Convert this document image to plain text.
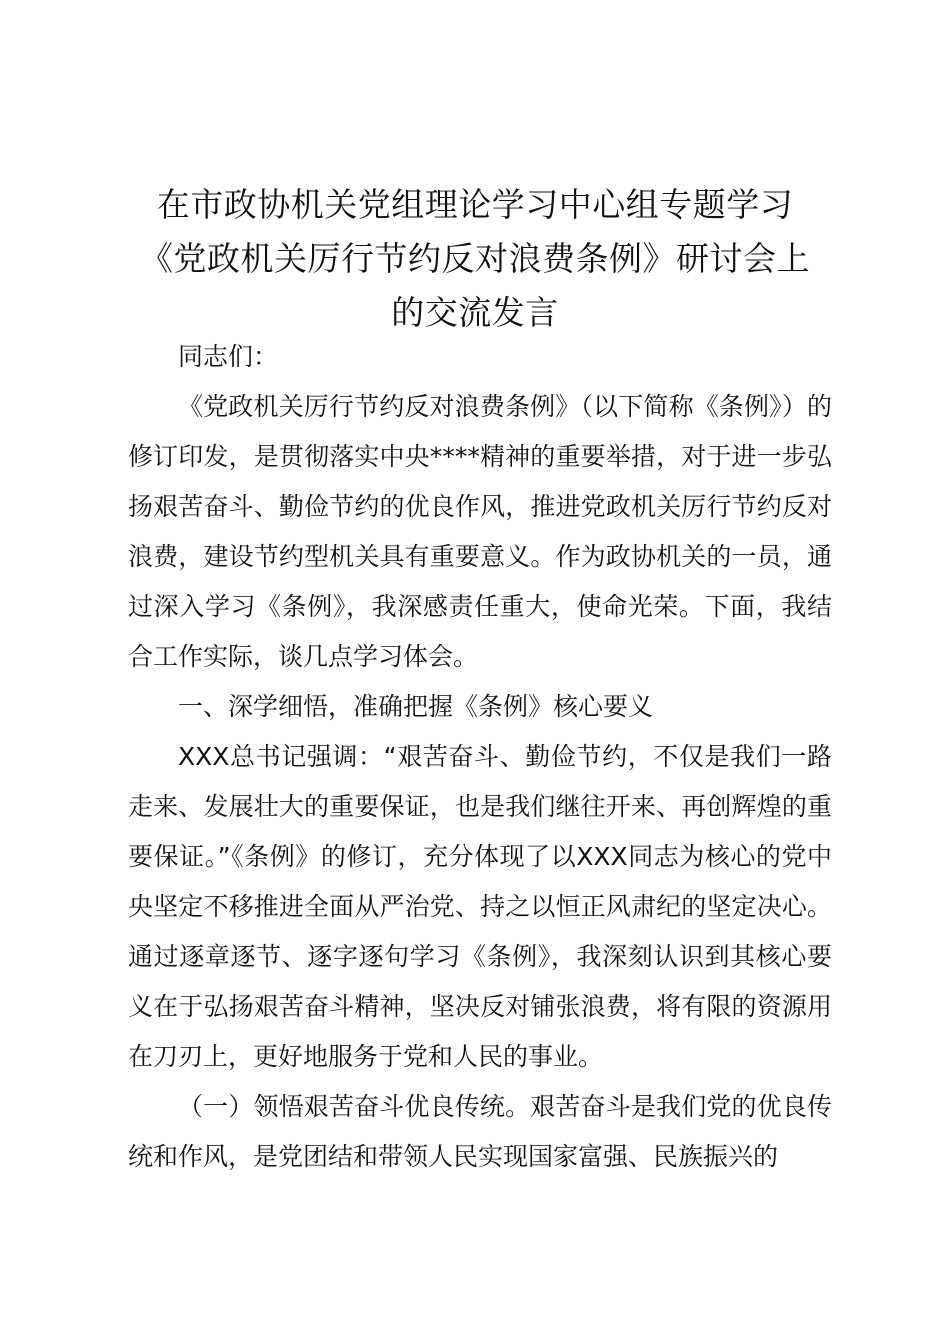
在市政协机关党组理论学习中心组专题学习
《党政机关厉行节约反对浪费条例》研讨会上
的交流发言

同志们：

《党政机关厉行节约反对浪费条例》（以下简称《条例》）的修订印发，是贯彻落实中央****精神的重要举措，对于进一步弘扬艰苦奋斗、勤俭节约的优良作风，推进党政机关厉行节约反对浪费，建设节约型机关具有重要意义。作为政协机关的一员，通过深入学习《条例》，我深感责任重大，使命光荣。下面，我结合工作实际，谈几点学习体会。

一、深学细悟，准确把握《条例》核心要义

XXX总书记强调：“艰苦奋斗、勤俭节约，不仅是我们一路走来、发展壮大的重要保证，也是我们继往开来、再创辉煌的重要保证。”《条例》的修订，充分体现了以XXX同志为核心的党中央坚定不移推进全面从严治党、持之以恒正风肃纪的坚定决心。通过逐章逐节、逐字逐句学习《条例》，我深刻认识到其核心要义在于弘扬艰苦奋斗精神，坚决反对铺张浪费，将有限的资源用在刀刃上，更好地服务于党和人民的事业。

（一）领悟艰苦奋斗优良传统。艰苦奋斗是我们党的优良传统和作风，是党团结和带领人民实现国家富强、民族振兴的
